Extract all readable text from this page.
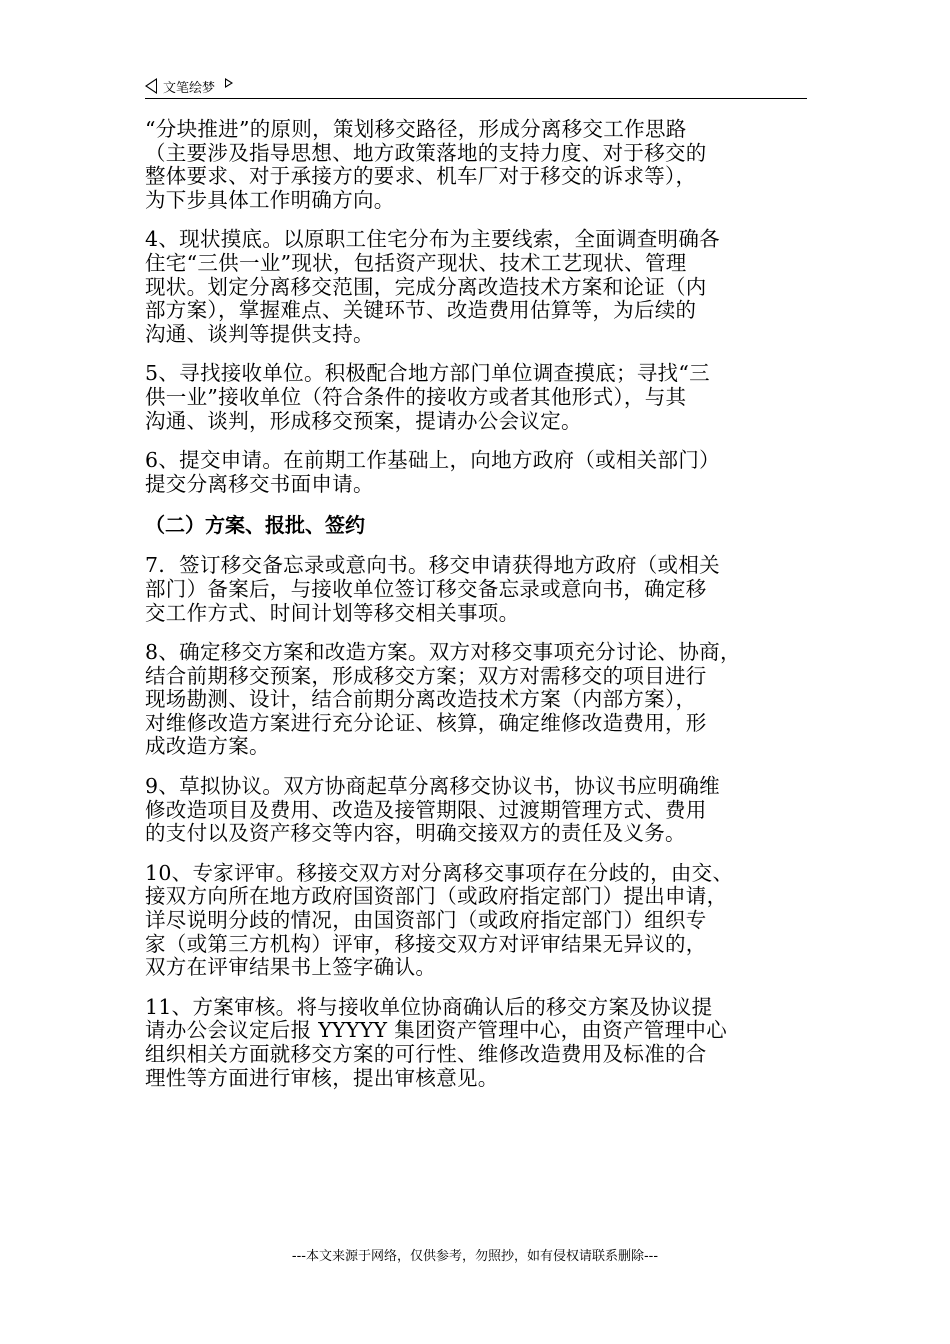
文笔绘梦
“分块推进”的原则，策划移交路径，形成分离移交工作思路
（主要涉及指导思想、地方政策落地的支持力度、对于移交的
整体要求、对于承接方的要求、机车厂对于移交的诉求等），
为下步具体工作明确方向。
4、现状摸底。以原职工住宅分布为主要线索，全面调查明确各
住宅“三供一业”现状，包括资产现状、技术工艺现状、管理
现状。划定分离移交范围，完成分离改造技术方案和论证（内
部方案），掌握难点、关键环节、改造费用估算等，为后续的
沟通、谈判等提供支持。
5、寻找接收单位。积极配合地方部门单位调查摸底；寻找“三
供一业”接收单位（符合条件的接收方或者其他形式），与其
沟通、谈判，形成移交预案，提请办公会议定。
6、提交申请。在前期工作基础上，向地方政府（或相关部门）
提交分离移交书面申请。
（二）方案、报批、签约
7．签订移交备忘录或意向书。移交申请获得地方政府（或相关
部门）备案后，与接收单位签订移交备忘录或意向书，确定移
交工作方式、时间计划等移交相关事项。
8、确定移交方案和改造方案。双方对移交事项充分讨论、协商，
结合前期移交预案，形成移交方案；双方对需移交的项目进行
现场勘测、设计，结合前期分离改造技术方案（内部方案），
对维修改造方案进行充分论证、核算，确定维修改造费用，形
成改造方案。
9、草拟协议。双方协商起草分离移交协议书，协议书应明确维
修改造项目及费用、改造及接管期限、过渡期管理方式、费用
的支付以及资产移交等内容，明确交接双方的责任及义务。
10、专家评审。移接交双方对分离移交事项存在分歧的，由交、
接双方向所在地方政府国资部门（或政府指定部门）提出申请，
详尽说明分歧的情况，由国资部门（或政府指定部门）组织专
家（或第三方机构）评审，移接交双方对评审结果无异议的，
双方在评审结果书上签字确认。
11、方案审核。将与接收单位协商确认后的移交方案及协议提
请办公会议定后报 YYYYY 集团资产管理中心，由资产管理中心
组织相关方面就移交方案的可行性、维修改造费用及标准的合
理性等方面进行审核，提出审核意见。
---本文来源于网络，仅供参考，勿照抄，如有侵权请联系删除---
